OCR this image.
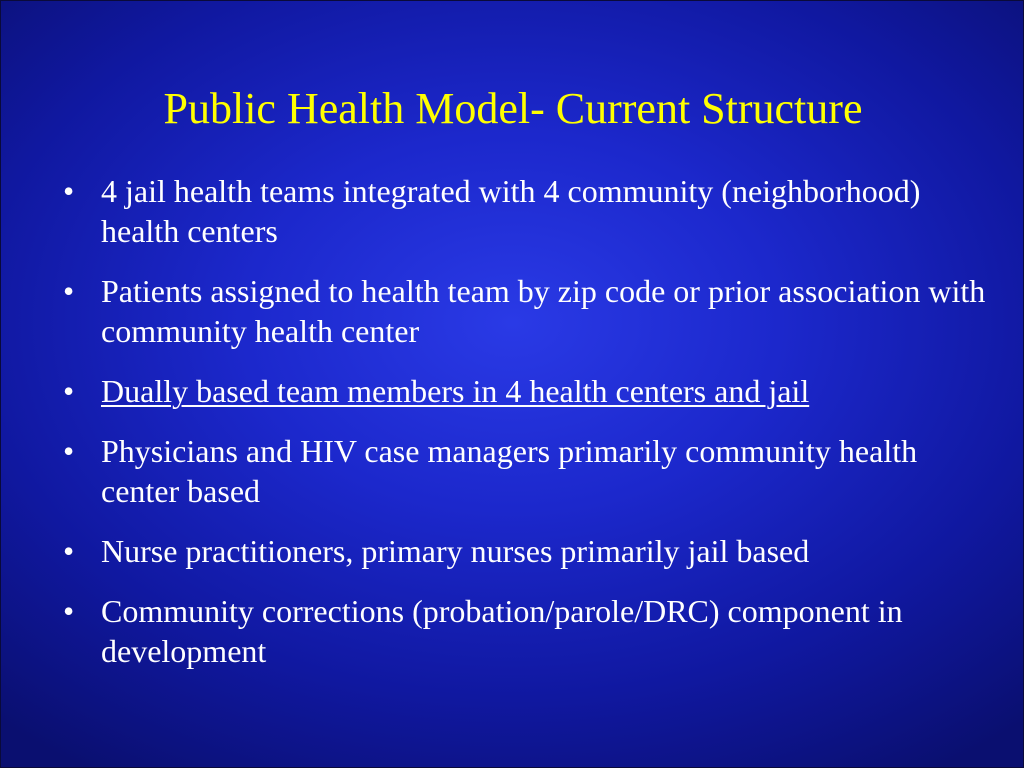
Public Health Model- Current Structure
• 4 jail health teams integrated with 4 community (neighborhood) health centers
• Patients assigned to health team by zip code or prior association with community health center
• Dually based team members in 4 health centers and jail
• Physicians and HIV case managers primarily community health center based
• Nurse practitioners, primary nurses primarily jail based
• Community corrections (probation/parole/DRC) component in development
